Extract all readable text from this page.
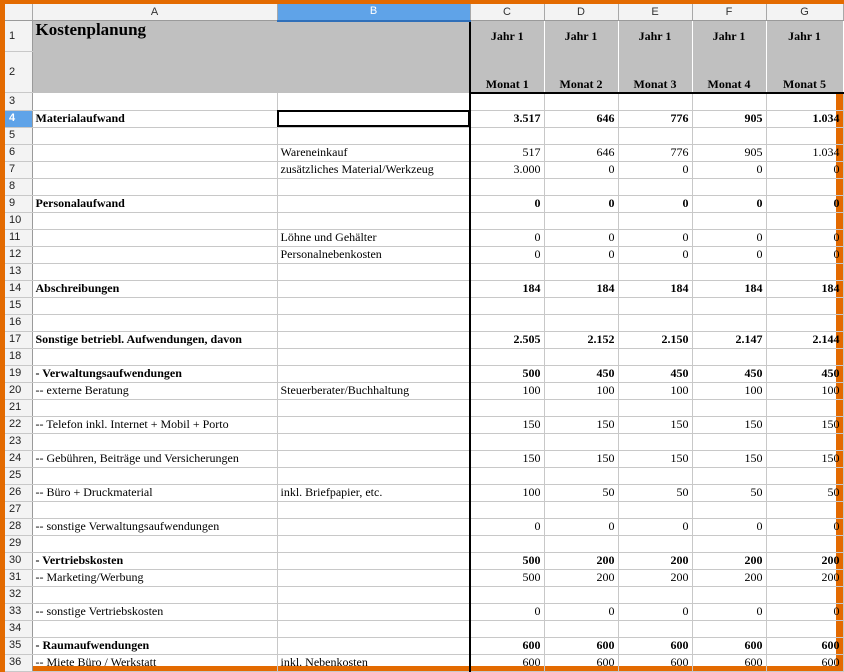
	A	B	C	D	E	F	G
1	Kostenplanung		Jahr 1	Jahr 1	Jahr 1	Jahr 1	Jahr 1
2			Monat 1	Monat 2	Monat 3	Monat 4	Monat 5
3							
4	Materialaufwand		3.517	646	776	905	1.034
5							
6		Wareneinkauf	517	646	776	905	1.034
7		zusätzliches Material/Werkzeug	3.000	0	0	0	0
8							
9	Personalaufwand		0	0	0	0	0
10							
11		Löhne und Gehälter	0	0	0	0	0
12		Personalnebenkosten	0	0	0	0	0
13							
14	Abschreibungen		184	184	184	184	184
15							
16							
17	Sonstige betriebl. Aufwendungen, davon		2.505	2.152	2.150	2.147	2.144
18							
19	- Verwaltungsaufwendungen		500	450	450	450	450
20	-- externe Beratung	Steuerberater/Buchhaltung	100	100	100	100	100
21							
22	-- Telefon inkl. Internet + Mobil + Porto		150	150	150	150	150
23							
24	-- Gebühren, Beiträge und Versicherungen		150	150	150	150	150
25							
26	-- Büro + Druckmaterial	inkl. Briefpapier, etc.	100	50	50	50	50
27							
28	-- sonstige Verwaltungsaufwendungen		0	0	0	0	0
29							
30	- Vertriebskosten		500	200	200	200	200
31	-- Marketing/Werbung		500	200	200	200	200
32							
33	-- sonstige Vertriebskosten		0	0	0	0	0
34							
35	- Raumaufwendungen		600	600	600	600	600
36	-- Miete Büro / Werkstatt	inkl. Nebenkosten	600	600	600	600	600
